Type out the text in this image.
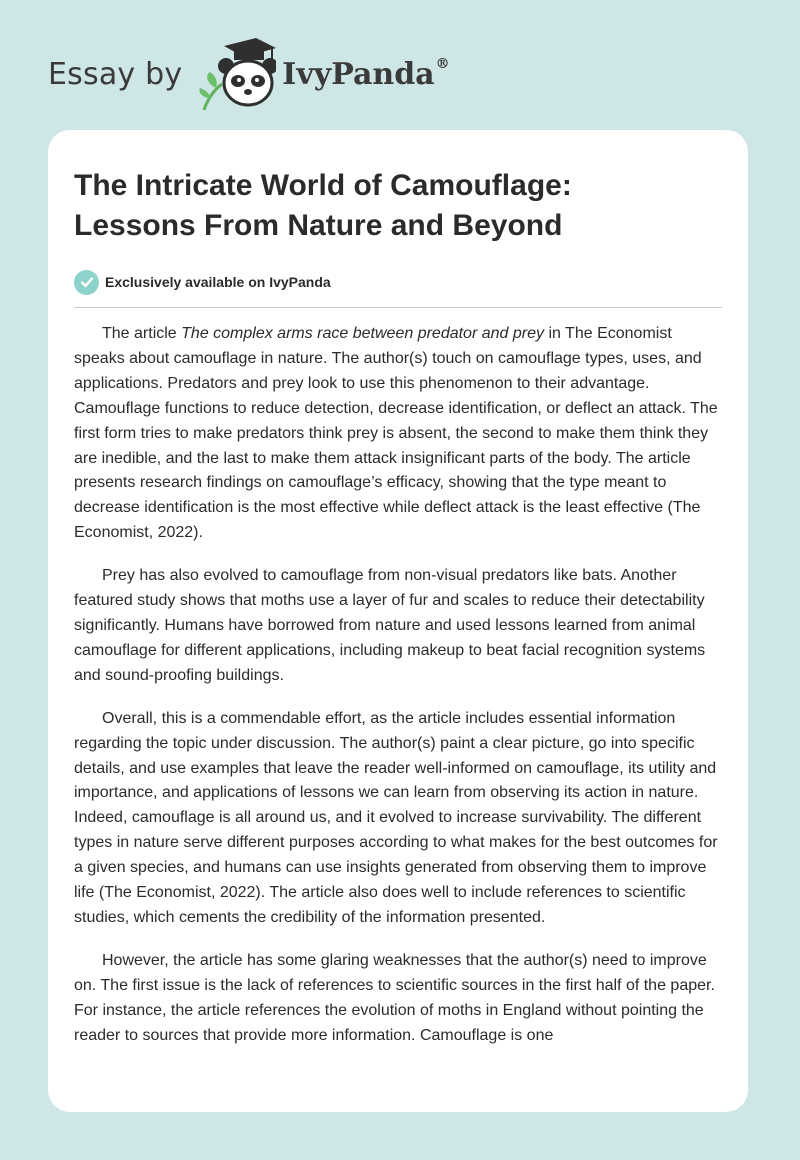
Essay by	IvyPanda®
The Intricate World of Camouflage:
Lessons From Nature and Beyond
Exclusively available on IvyPanda

The article The complex arms race between predator and prey in The Economist speaks about camouflage in nature. The author(s) touch on camouflage types, uses, and applications. Predators and prey look to use this phenomenon to their advantage. Camouflage functions to reduce detection, decrease identification, or deflect an attack. The first form tries to make predators think prey is absent, the second to make them think they are inedible, and the last to make them attack insignificant parts of the body. The article presents research findings on camouflage’s efficacy, showing that the type meant to decrease identification is the most effective while deflect attack is the least effective (The Economist, 2022).

Prey has also evolved to camouflage from non-visual predators like bats. Another featured study shows that moths use a layer of fur and scales to reduce their detectability significantly. Humans have borrowed from nature and used lessons learned from animal camouflage for different applications, including makeup to beat facial recognition systems and sound-proofing buildings.

Overall, this is a commendable effort, as the article includes essential information regarding the topic under discussion. The author(s) paint a clear picture, go into specific details, and use examples that leave the reader well-informed on camouflage, its utility and importance, and applications of lessons we can learn from observing its action in nature. Indeed, camouflage is all around us, and it evolved to increase survivability. The different types in nature serve different purposes according to what makes for the best outcomes for a given species, and humans can use insights generated from observing them to improve life (The Economist, 2022). The article also does well to include references to scientific studies, which cements the credibility of the information presented.

However, the article has some glaring weaknesses that the author(s) need to improve on. The first issue is the lack of references to scientific sources in the first half of the paper. For instance, the article references the evolution of moths in England without pointing the reader to sources that provide more information. Camouflage is one
